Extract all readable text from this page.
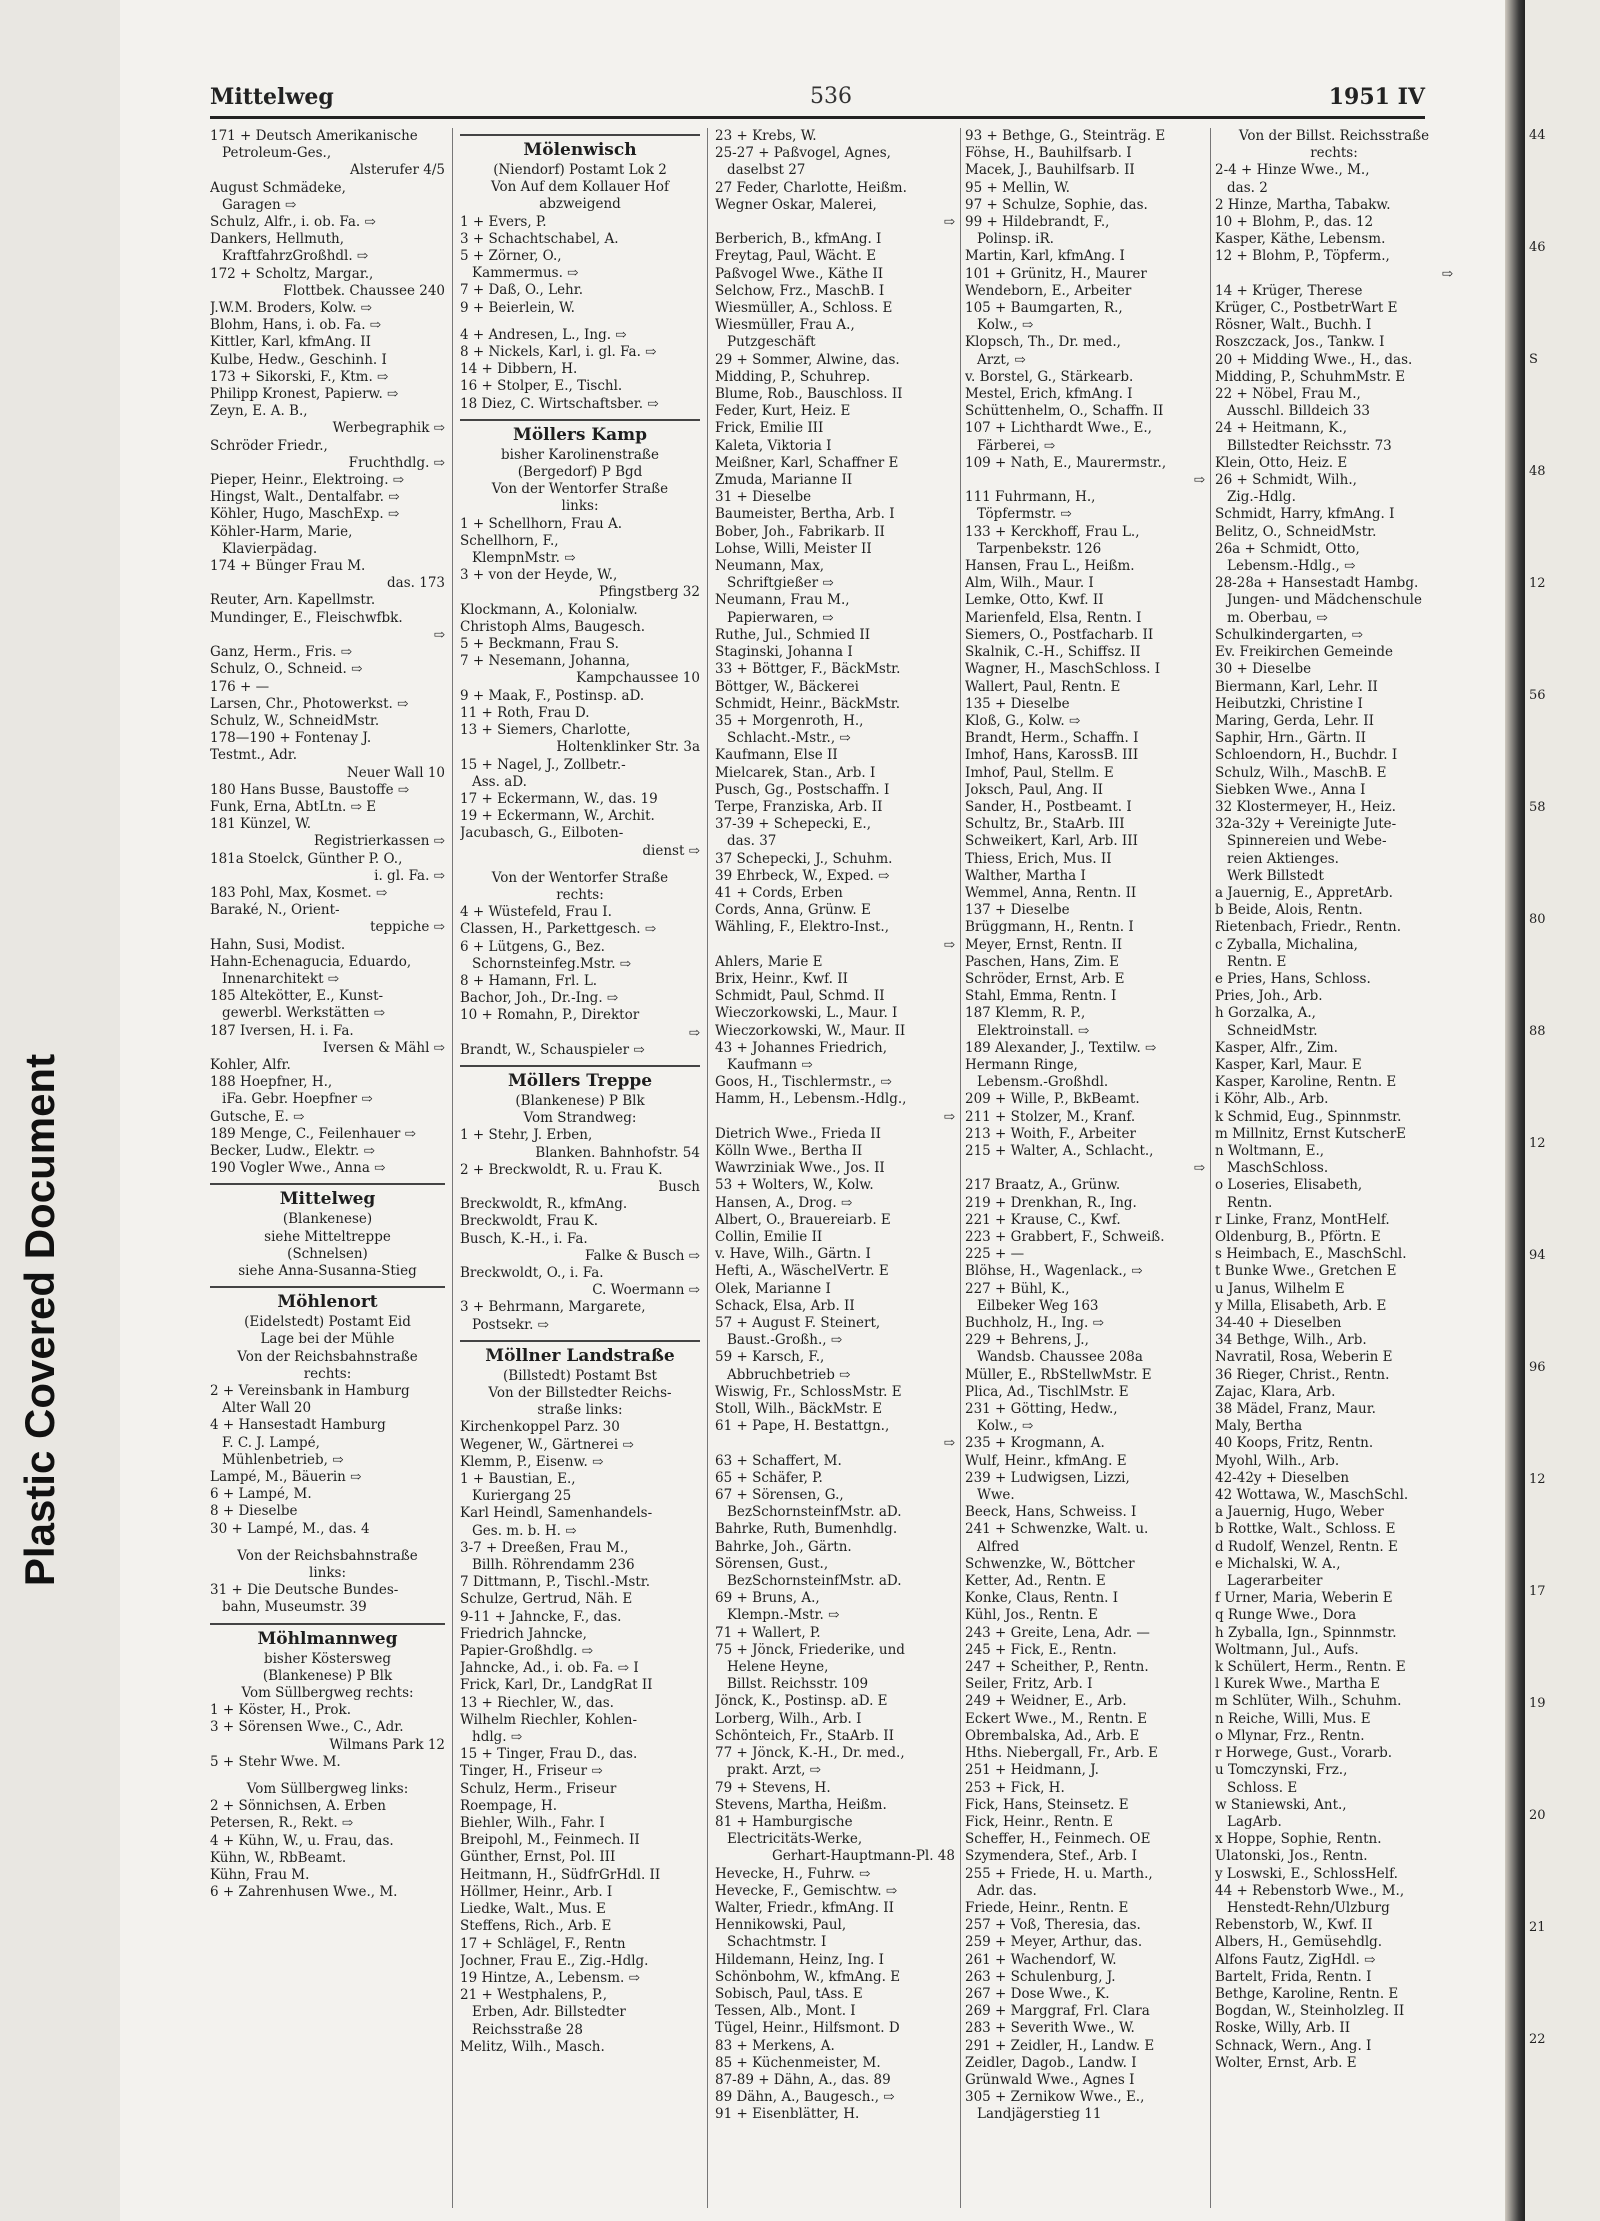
44
46
S
48
12
56
58
80
88
12
94
96
12
17
19
20
21
22
Plastic Covered Document
Mittelweg	536	1951 IV
171 + Deutsch Amerikanische
Petroleum-Ges.,
Alsterufer 4/5
August Schmädeke,
Garagen ⇨
Schulz, Alfr., i. ob. Fa. ⇨
Dankers, Hellmuth,
KraftfahrzGroßhdl. ⇨
172 + Scholtz, Margar.,
Flottbek. Chaussee 240
J.W.M. Broders, Kolw. ⇨
Blohm, Hans, i. ob. Fa. ⇨
Kittler, Karl, kfmAng. II
Kulbe, Hedw., Geschinh. I
173 + Sikorski, F., Ktm. ⇨
Philipp Kronest, Papierw. ⇨
Zeyn, E. A. B.,
Werbegraphik ⇨
Schröder Friedr.,
Fruchthdlg. ⇨
Pieper, Heinr., Elektroing. ⇨
Hingst, Walt., Dentalfabr. ⇨
Köhler, Hugo, MaschExp. ⇨
Köhler-Harm, Marie,
Klavierpädag.
174 + Bünger Frau M.
das. 173
Reuter, Arn. Kapellmstr.
Mundinger, E., Fleischwfbk.
⇨
Ganz, Herm., Fris. ⇨
Schulz, O., Schneid. ⇨
176 + —
Larsen, Chr., Photowerkst. ⇨
Schulz, W., SchneidMstr.
178—190 + Fontenay J.
Testmt., Adr.
Neuer Wall 10
180 Hans Busse, Baustoffe ⇨
Funk, Erna, AbtLtn. ⇨ E
181 Künzel, W.
Registrierkassen ⇨
181a Stoelck, Günther P. O.,
i. gl. Fa. ⇨
183 Pohl, Max, Kosmet. ⇨
Baraké, N., Orient-
teppiche ⇨
Hahn, Susi, Modist.
Hahn-Echenagucia, Eduardo,
Innenarchitekt ⇨
185 Altekötter, E., Kunst-
gewerbl. Werkstätten ⇨
187 Iversen, H. i. Fa.
Iversen & Mähl ⇨
Kohler, Alfr.
188 Hoepfner, H.,
iFa. Gebr. Hoepfner ⇨
Gutsche, E. ⇨
189 Menge, C., Feilenhauer ⇨
Becker, Ludw., Elektr. ⇨
190 Vogler Wwe., Anna ⇨
Mittelweg
(Blankenese)
siehe Mitteltreppe
(Schnelsen)
siehe Anna-Susanna-Stieg
Möhlenort
(Eidelstedt) Postamt Eid
Lage bei der Mühle
Von der Reichsbahnstraße
rechts:
2 + Vereinsbank in Hamburg
Alter Wall 20
4 + Hansestadt Hamburg
F. C. J. Lampé,
Mühlenbetrieb, ⇨
Lampé, M., Bäuerin ⇨
6 + Lampé, M.
8 + Dieselbe
30 + Lampé, M., das. 4
Von der Reichsbahnstraße
links:
31 + Die Deutsche Bundes-
bahn, Museumstr. 39
Möhlmannweg
bisher Köstersweg
(Blankenese) P Blk
Vom Süllbergweg rechts:
1 + Köster, H., Prok.
3 + Sörensen Wwe., C., Adr.
Wilmans Park 12
5 + Stehr Wwe. M.
Vom Süllbergweg links:
2 + Sönnichsen, A. Erben
Petersen, R., Rekt. ⇨
4 + Kühn, W., u. Frau, das.
Kühn, W., RbBeamt.
Kühn, Frau M.
6 + Zahrenhusen Wwe., M.
Mölenwisch
(Niendorf) Postamt Lok 2
Von Auf dem Kollauer Hof
abzweigend
1 + Evers, P.
3 + Schachtschabel, A.
5 + Zörner, O.,
Kammermus. ⇨
7 + Daß, O., Lehr.
9 + Beierlein, W.
4 + Andresen, L., Ing. ⇨
8 + Nickels, Karl, i. gl. Fa. ⇨
14 + Dibbern, H.
16 + Stolper, E., Tischl.
18 Diez, C. Wirtschaftsber. ⇨
Möllers Kamp
bisher Karolinenstraße
(Bergedorf) P Bgd
Von der Wentorfer Straße
links:
1 + Schellhorn, Frau A.
Schellhorn, F.,
KlempnMstr. ⇨
3 + von der Heyde, W.,
Pfingstberg 32
Klockmann, A., Kolonialw.
Christoph Alms, Baugesch.
5 + Beckmann, Frau S.
7 + Nesemann, Johanna,
Kampchaussee 10
9 + Maak, F., Postinsp. aD.
11 + Roth, Frau D.
13 + Siemers, Charlotte,
Holtenklinker Str. 3a
15 + Nagel, J., Zollbetr.-
Ass. aD.
17 + Eckermann, W., das. 19
19 + Eckermann, W., Archit.
Jacubasch, G., Eilboten-
dienst ⇨
Von der Wentorfer Straße
rechts:
4 + Wüstefeld, Frau I.
Classen, H., Parkettgesch. ⇨
6 + Lütgens, G., Bez.
Schornsteinfeg.Mstr. ⇨
8 + Hamann, Frl. L.
Bachor, Joh., Dr.-Ing. ⇨
10 + Romahn, P., Direktor
⇨
Brandt, W., Schauspieler ⇨
Möllers Treppe
(Blankenese) P Blk
Vom Strandweg:
1 + Stehr, J. Erben,
Blanken. Bahnhofstr. 54
2 + Breckwoldt, R. u. Frau K.
Busch
Breckwoldt, R., kfmAng.
Breckwoldt, Frau K.
Busch, K.-H., i. Fa.
Falke & Busch ⇨
Breckwoldt, O., i. Fa.
C. Woermann ⇨
3 + Behrmann, Margarete,
Postsekr. ⇨
Möllner Landstraße
(Billstedt) Postamt Bst
Von der Billstedter Reichs-
straße links:
Kirchenkoppel Parz. 30
Wegener, W., Gärtnerei ⇨
Klemm, P., Eisenw. ⇨
1 + Baustian, E.,
Kuriergang 25
Karl Heindl, Samenhandels-
Ges. m. b. H. ⇨
3-7 + Dreeßen, Frau M.,
Billh. Röhrendamm 236
7 Dittmann, P., Tischl.-Mstr.
Schulze, Gertrud, Näh. E
9-11 + Jahncke, F., das.
Friedrich Jahncke,
Papier-Großhdlg. ⇨
Jahncke, Ad., i. ob. Fa. ⇨ I
Frick, Karl, Dr., LandgRat II
13 + Riechler, W., das.
Wilhelm Riechler, Kohlen-
hdlg. ⇨
15 + Tinger, Frau D., das.
Tinger, H., Friseur ⇨
Schulz, Herm., Friseur
Roempage, H.
Biehler, Wilh., Fahr. I
Breipohl, M., Feinmech. II
Günther, Ernst, Pol. III
Heitmann, H., SüdfrGrHdl. II
Höllmer, Heinr., Arb. I
Liedke, Walt., Mus. E
Steffens, Rich., Arb. E
17 + Schlägel, F., Rentn
Jochner, Frau E., Zig.-Hdlg.
19 Hintze, A., Lebensm. ⇨
21 + Westphalens, P.,
Erben, Adr. Billstedter
Reichsstraße 28
Melitz, Wilh., Masch.
23 + Krebs, W.
25-27 + Paßvogel, Agnes,
daselbst 27
27 Feder, Charlotte, Heißm.
Wegner Oskar, Malerei,
⇨
Berberich, B., kfmAng. I
Freytag, Paul, Wächt. E
Paßvogel Wwe., Käthe II
Selchow, Frz., MaschB. I
Wiesmüller, A., Schloss. E
Wiesmüller, Frau A.,
Putzgeschäft
29 + Sommer, Alwine, das.
Midding, P., Schuhrep.
Blume, Rob., Bauschloss. II
Feder, Kurt, Heiz. E
Frick, Emilie III
Kaleta, Viktoria I
Meißner, Karl, Schaffner E
Zmuda, Marianne II
31 + Dieselbe
Baumeister, Bertha, Arb. I
Bober, Joh., Fabrikarb. II
Lohse, Willi, Meister II
Neumann, Max,
Schriftgießer ⇨
Neumann, Frau M.,
Papierwaren, ⇨
Ruthe, Jul., Schmied II
Staginski, Johanna I
33 + Böttger, F., BäckMstr.
Böttger, W., Bäckerei
Schmidt, Heinr., BäckMstr.
35 + Morgenroth, H.,
Schlacht.-Mstr., ⇨
Kaufmann, Else II
Mielcarek, Stan., Arb. I
Pusch, Gg., Postschaffn. I
Terpe, Franziska, Arb. II
37-39 + Schepecki, E.,
das. 37
37 Schepecki, J., Schuhm.
39 Ehrbeck, W., Exped. ⇨
41 + Cords, Erben
Cords, Anna, Grünw. E
Wähling, F., Elektro-Inst.,
⇨
Ahlers, Marie E
Brix, Heinr., Kwf. II
Schmidt, Paul, Schmd. II
Wieczorkowski, L., Maur. I
Wieczorkowski, W., Maur. II
43 + Johannes Friedrich,
Kaufmann ⇨
Goos, H., Tischlermstr., ⇨
Hamm, H., Lebensm.-Hdlg.,
⇨
Dietrich Wwe., Frieda II
Kölln Wwe., Bertha II
Wawrziniak Wwe., Jos. II
53 + Wolters, W., Kolw.
Hansen, A., Drog. ⇨
Albert, O., Brauereiarb. E
Collin, Emilie II
v. Have, Wilh., Gärtn. I
Hefti, A., WäschelVertr. E
Olek, Marianne I
Schack, Elsa, Arb. II
57 + August F. Steinert,
Baust.-Großh., ⇨
59 + Karsch, F.,
Abbruchbetrieb ⇨
Wiswig, Fr., SchlossMstr. E
Stoll, Wilh., BäckMstr. E
61 + Pape, H. Bestattgn.,
⇨
63 + Schaffert, M.
65 + Schäfer, P.
67 + Sörensen, G.,
BezSchornsteinfMstr. aD.
Bahrke, Ruth, Bumenhdlg.
Bahrke, Joh., Gärtn.
Sörensen, Gust.,
BezSchornsteinfMstr. aD.
69 + Bruns, A.,
Klempn.-Mstr. ⇨
71 + Wallert, P.
75 + Jönck, Friederike, und
Helene Heyne,
Billst. Reichsstr. 109
Jönck, K., Postinsp. aD. E
Lorberg, Wilh., Arb. I
Schönteich, Fr., StaArb. II
77 + Jönck, K.-H., Dr. med.,
prakt. Arzt, ⇨
79 + Stevens, H.
Stevens, Martha, Heißm.
81 + Hamburgische
Electricitäts-Werke,
Gerhart-Hauptmann-Pl. 48
Hevecke, H., Fuhrw. ⇨
Hevecke, F., Gemischtw. ⇨
Walter, Friedr., kfmAng. II
Hennikowski, Paul,
Schachtmstr. I
Hildemann, Heinz, Ing. I
Schönbohm, W., kfmAng. E
Sobisch, Paul, tAss. E
Tessen, Alb., Mont. I
Tügel, Heinr., Hilfsmont. D
83 + Merkens, A.
85 + Küchenmeister, M.
87-89 + Dähn, A., das. 89
89 Dähn, A., Baugesch., ⇨
91 + Eisenblätter, H.
93 + Bethge, G., Steinträg. E
Föhse, H., Bauhilfsarb. I
Macek, J., Bauhilfsarb. II
95 + Mellin, W.
97 + Schulze, Sophie, das.
99 + Hildebrandt, F.,
Polinsp. iR.
Martin, Karl, kfmAng. I
101 + Grünitz, H., Maurer
Wendeborn, E., Arbeiter
105 + Baumgarten, R.,
Kolw., ⇨
Klopsch, Th., Dr. med.,
Arzt, ⇨
v. Borstel, G., Stärkearb.
Mestel, Erich, kfmAng. I
Schüttenhelm, O., Schaffn. II
107 + Lichthardt Wwe., E.,
Färberei, ⇨
109 + Nath, E., Maurermstr.,
⇨
111 Fuhrmann, H.,
Töpfermstr. ⇨
133 + Kerckhoff, Frau L.,
Tarpenbekstr. 126
Hansen, Frau L., Heißm.
Alm, Wilh., Maur. I
Lemke, Otto, Kwf. II
Marienfeld, Elsa, Rentn. I
Siemers, O., Postfacharb. II
Skalnik, C.-H., Schiffsz. II
Wagner, H., MaschSchloss. I
Wallert, Paul, Rentn. E
135 + Dieselbe
Kloß, G., Kolw. ⇨
Brandt, Herm., Schaffn. I
Imhof, Hans, KarossB. III
Imhof, Paul, Stellm. E
Joksch, Paul, Ang. II
Sander, H., Postbeamt. I
Schultz, Br., StaArb. III
Schweikert, Karl, Arb. III
Thiess, Erich, Mus. II
Walther, Martha I
Wemmel, Anna, Rentn. II
137 + Dieselbe
Brüggmann, H., Rentn. I
Meyer, Ernst, Rentn. II
Paschen, Hans, Zim. E
Schröder, Ernst, Arb. E
Stahl, Emma, Rentn. I
187 Klemm, R. P.,
Elektroinstall. ⇨
189 Alexander, J., Textilw. ⇨
Hermann Ringe,
Lebensm.-Großhdl.
209 + Wille, P., BkBeamt.
211 + Stolzer, M., Kranf.
213 + Woith, F., Arbeiter
215 + Walter, A., Schlacht.,
⇨
217 Braatz, A., Grünw.
219 + Drenkhan, R., Ing.
221 + Krause, C., Kwf.
223 + Grabbert, F., Schweiß.
225 + —
Blöhse, H., Wagenlack., ⇨
227 + Bühl, K.,
Eilbeker Weg 163
Buchholz, H., Ing. ⇨
229 + Behrens, J.,
Wandsb. Chaussee 208a
Müller, E., RbStellwMstr. E
Plica, Ad., TischlMstr. E
231 + Götting, Hedw.,
Kolw., ⇨
235 + Krogmann, A.
Wulf, Heinr., kfmAng. E
239 + Ludwigsen, Lizzi,
Wwe.
Beeck, Hans, Schweiss. I
241 + Schwenzke, Walt. u.
Alfred
Schwenzke, W., Böttcher
Ketter, Ad., Rentn. E
Konke, Claus, Rentn. I
Kühl, Jos., Rentn. E
243 + Greite, Lena, Adr. —
245 + Fick, E., Rentn.
247 + Scheither, P., Rentn.
Seiler, Fritz, Arb. I
249 + Weidner, E., Arb.
Eckert Wwe., M., Rentn. E
Obrembalska, Ad., Arb. E
Hths. Niebergall, Fr., Arb. E
251 + Heidmann, J.
253 + Fick, H.
Fick, Hans, Steinsetz. E
Fick, Heinr., Rentn. E
Scheffer, H., Feinmech. OE
Szymendera, Stef., Arb. I
255 + Friede, H. u. Marth.,
Adr. das.
Friede, Heinr., Rentn. E
257 + Voß, Theresia, das.
259 + Meyer, Arthur, das.
261 + Wachendorf, W.
263 + Schulenburg, J.
267 + Dose Wwe., K.
269 + Marggraf, Frl. Clara
283 + Severith Wwe., W.
291 + Zeidler, H., Landw. E
Zeidler, Dagob., Landw. I
Grünwald Wwe., Agnes I
305 + Zernikow Wwe., E.,
Landjägerstieg 11
Von der Billst. Reichsstraße
rechts:
2-4 + Hinze Wwe., M.,
das. 2
2 Hinze, Martha, Tabakw.
10 + Blohm, P., das. 12
Kasper, Käthe, Lebensm.
12 + Blohm, P., Töpferm.,
⇨
14 + Krüger, Therese
Krüger, C., PostbetrWart E
Rösner, Walt., Buchh. I
Roszczack, Jos., Tankw. I
20 + Midding Wwe., H., das.
Midding, P., SchuhmMstr. E
22 + Nöbel, Frau M.,
Ausschl. Billdeich 33
24 + Heitmann, K.,
Billstedter Reichsstr. 73
Klein, Otto, Heiz. E
26 + Schmidt, Wilh.,
Zig.-Hdlg.
Schmidt, Harry, kfmAng. I
Belitz, O., SchneidMstr.
26a + Schmidt, Otto,
Lebensm.-Hdlg., ⇨
28-28a + Hansestadt Hambg.
Jungen- und Mädchenschule
m. Oberbau, ⇨
Schulkindergarten, ⇨
Ev. Freikirchen Gemeinde
30 + Dieselbe
Biermann, Karl, Lehr. II
Heibutzki, Christine I
Maring, Gerda, Lehr. II
Saphir, Hrn., Gärtn. II
Schloendorn, H., Buchdr. I
Schulz, Wilh., MaschB. E
Siebken Wwe., Anna I
32 Klostermeyer, H., Heiz.
32a-32y + Vereinigte Jute-
Spinnereien und Webe-
reien Aktienges.
Werk Billstedt
a Jauernig, E., AppretArb.
b Beide, Alois, Rentn.
Rietenbach, Friedr., Rentn.
c Zyballa, Michalina,
Rentn. E
e Pries, Hans, Schloss.
Pries, Joh., Arb.
h Gorzalka, A.,
SchneidMstr.
Kasper, Alfr., Zim.
Kasper, Karl, Maur. E
Kasper, Karoline, Rentn. E
i Köhr, Alb., Arb.
k Schmid, Eug., Spinnmstr.
m Millnitz, Ernst KutscherE
n Woltmann, E.,
MaschSchloss.
o Loseries, Elisabeth,
Rentn.
r Linke, Franz, MontHelf.
Oldenburg, B., Pförtn. E
s Heimbach, E., MaschSchl.
t Bunke Wwe., Gretchen E
u Janus, Wilhelm E
y Milla, Elisabeth, Arb. E
34-40 + Dieselben
34 Bethge, Wilh., Arb.
Navratil, Rosa, Weberin E
36 Rieger, Christ., Rentn.
Zajac, Klara, Arb.
38 Mädel, Franz, Maur.
Maly, Bertha
40 Koops, Fritz, Rentn.
Myohl, Wilh., Arb.
42-42y + Dieselben
42 Wottawa, W., MaschSchl.
a Jauernig, Hugo, Weber
b Rottke, Walt., Schloss. E
d Rudolf, Wenzel, Rentn. E
e Michalski, W. A.,
Lagerarbeiter
f Urner, Maria, Weberin E
q Runge Wwe., Dora
h Zyballa, Ign., Spinnmstr.
Woltmann, Jul., Aufs.
k Schülert, Herm., Rentn. E
l Kurek Wwe., Martha E
m Schlüter, Wilh., Schuhm.
n Reiche, Willi, Mus. E
o Mlynar, Frz., Rentn.
r Horwege, Gust., Vorarb.
u Tomczynski, Frz.,
Schloss. E
w Staniewski, Ant.,
LagArb.
x Hoppe, Sophie, Rentn.
Ulatonski, Jos., Rentn.
y Loswski, E., SchlossHelf.
44 + Rebenstorb Wwe., M.,
Henstedt-Rehn/Ulzburg
Rebenstorb, W., Kwf. II
Albers, H., Gemüsehdlg.
Alfons Fautz, ZigHdl. ⇨
Bartelt, Frida, Rentn. I
Bethge, Karoline, Rentn. E
Bogdan, W., Steinholzleg. II
Roske, Willy, Arb. II
Schnack, Wern., Ang. I
Wolter, Ernst, Arb. E
